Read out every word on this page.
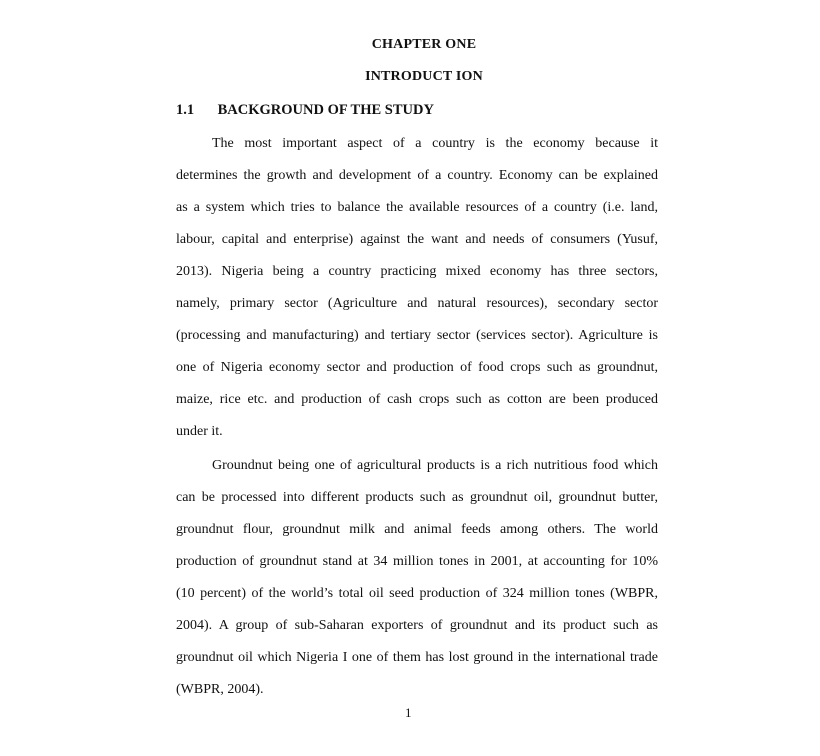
CHAPTER ONE
INTRODUCT ION
1.1 BACKGROUND OF THE STUDY
The most important aspect of a country is the economy because it
determines the growth and development of a country. Economy can be explained
as a system which tries to balance the available resources of a country (i.e. land,
labour, capital and enterprise) against the want and needs of consumers (Yusuf,
2013). Nigeria being a country practicing mixed economy has three sectors,
namely, primary sector (Agriculture and natural resources), secondary sector
(processing and manufacturing) and tertiary sector (services sector). Agriculture is
one of Nigeria economy sector and production of food crops such as groundnut,
maize, rice etc. and production of cash crops such as cotton are been produced
under it.
Groundnut being one of agricultural products is a rich nutritious food which
can be processed into different products such as groundnut oil, groundnut butter,
groundnut flour, groundnut milk and animal feeds among others. The world
production of groundnut stand at 34 million tones in 2001, at accounting for 10%
(10 percent) of the world’s total oil seed production of 324 million tones (WBPR,
2004). A group of sub-Saharan exporters of groundnut and its product such as
groundnut oil which Nigeria I one of them has lost ground in the international trade
(WBPR, 2004).
1
